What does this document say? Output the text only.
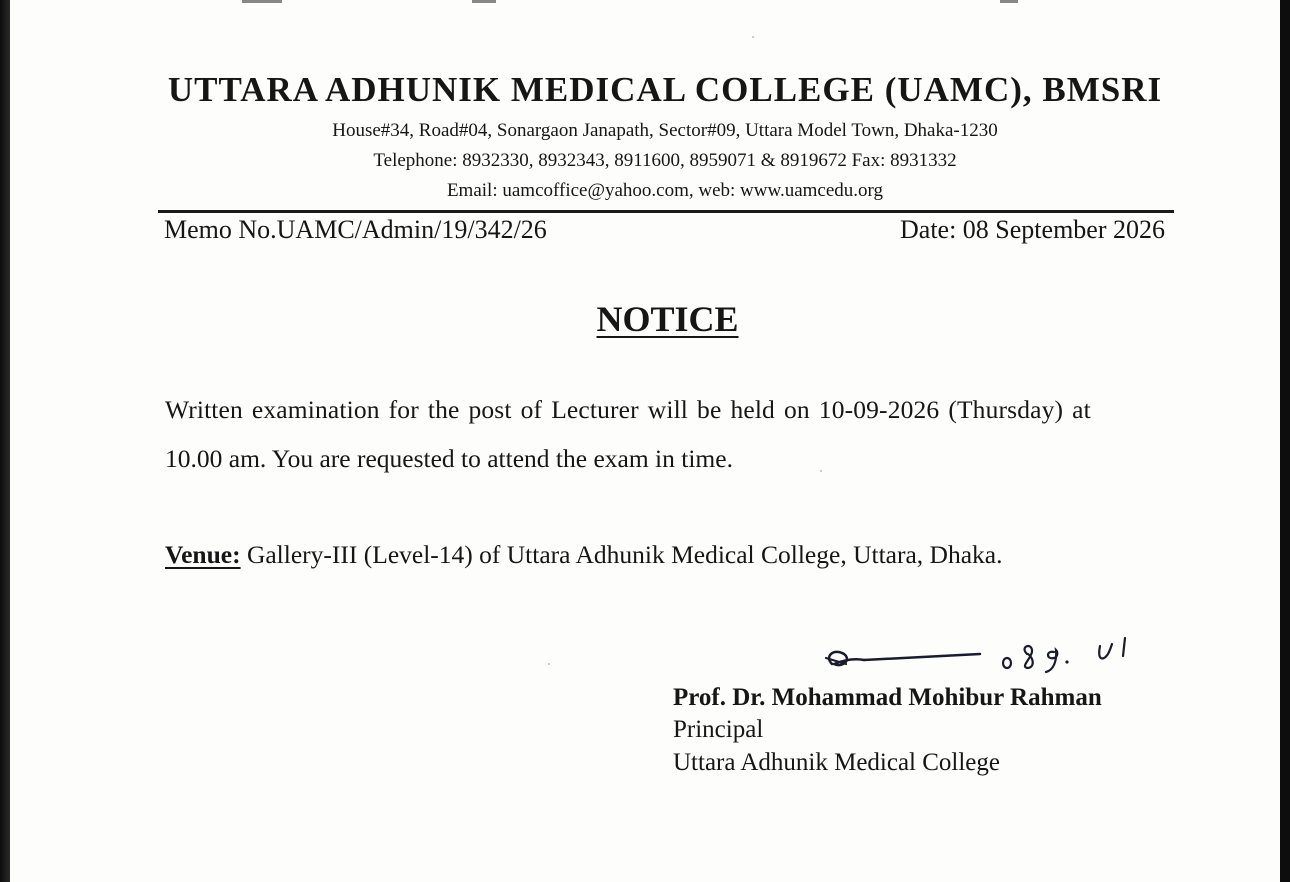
UTTARA ADHUNIK MEDICAL COLLEGE (UAMC), BMSRI
House#34, Road#04, Sonargaon Janapath, Sector#09, Uttara Model Town, Dhaka-1230
Telephone: 8932330, 8932343, 8911600, 8959071 & 8919672 Fax: 8931332
Email: uamcoffice@yahoo.com, web: www.uamcedu.org
Memo No.UAMC/Admin/19/342/26	Date: 08 September 2026
NOTICE
Written examination for the post of Lecturer will be held on 10-09-2026 (Thursday) at
10.00 am. You are requested to attend the exam in time.
Venue: Gallery-III (Level-14) of Uttara Adhunik Medical College, Uttara, Dhaka.
Prof. Dr. Mohammad Mohibur Rahman
Principal
Uttara Adhunik Medical College
